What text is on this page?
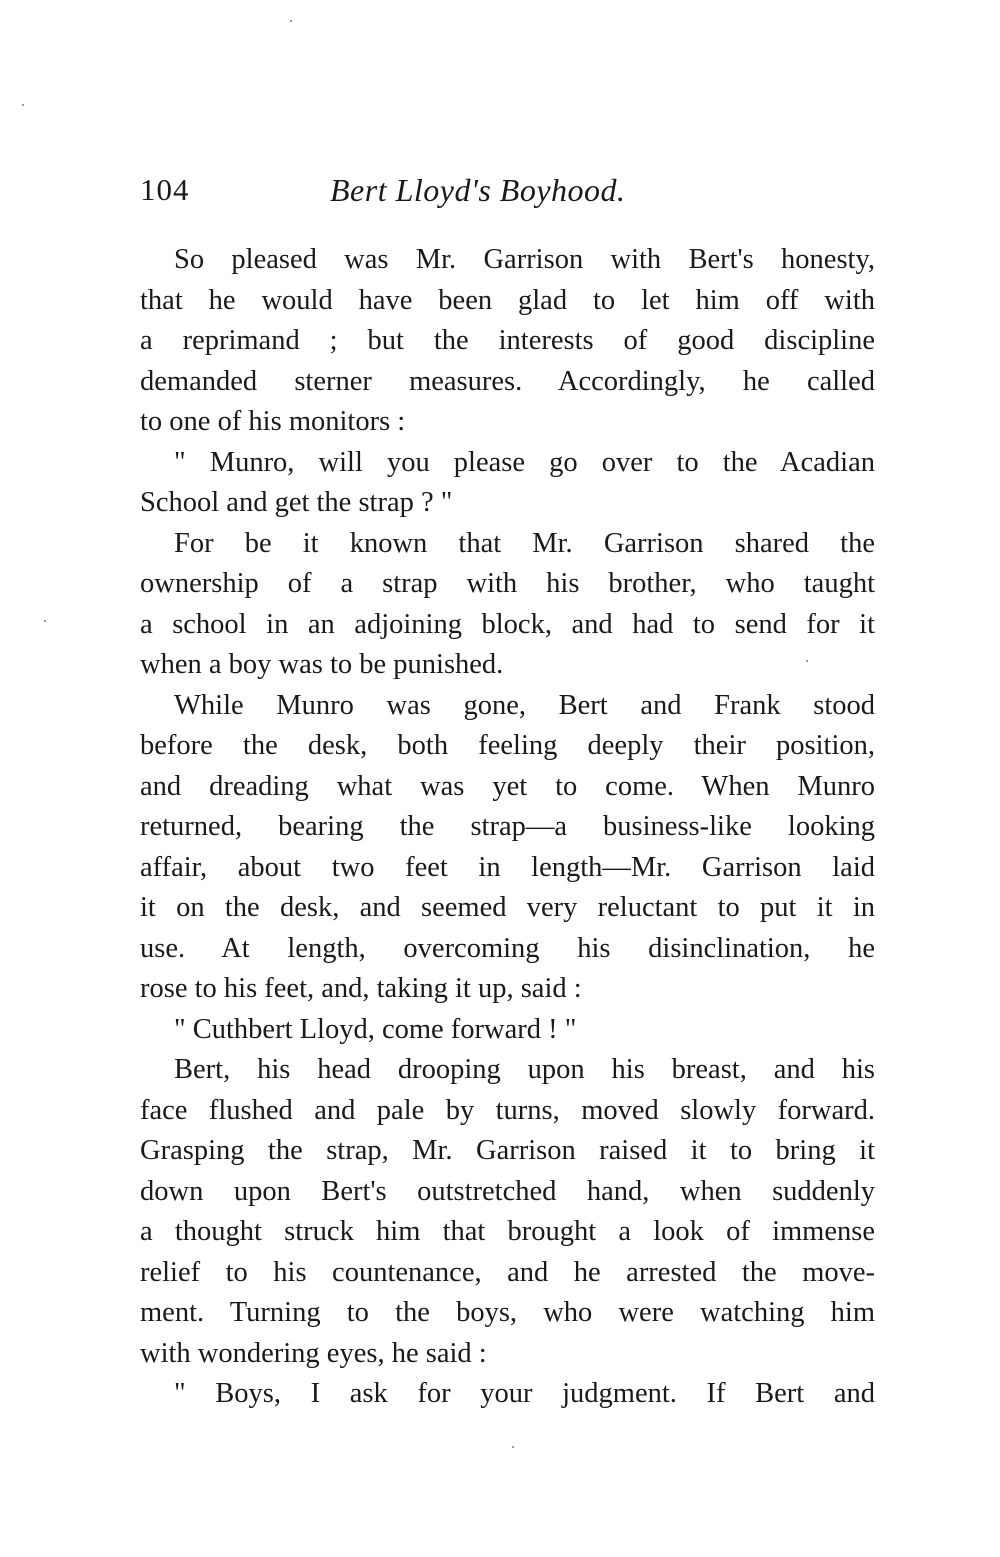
104	Bert Lloyd's Boyhood.
So pleased was Mr. Garrison with Bert's honesty,
that he would have been glad to let him off with
a reprimand ; but the interests of good discipline
demanded sterner measures. Accordingly, he called
to one of his monitors :
" Munro, will you please go over to the Acadian
School and get the strap ? "
For be it known that Mr. Garrison shared the
ownership of a strap with his brother, who taught
a school in an adjoining block, and had to send for it
when a boy was to be punished.
While Munro was gone, Bert and Frank stood
before the desk, both feeling deeply their position,
and dreading what was yet to come. When Munro
returned, bearing the strap—a business-like looking
affair, about two feet in length—Mr. Garrison laid
it on the desk, and seemed very reluctant to put it in
use. At length, overcoming his disinclination, he
rose to his feet, and, taking it up, said :
" Cuthbert Lloyd, come forward ! "
Bert, his head drooping upon his breast, and his
face flushed and pale by turns, moved slowly forward.
Grasping the strap, Mr. Garrison raised it to bring it
down upon Bert's outstretched hand, when suddenly
a thought struck him that brought a look of immense
relief to his countenance, and he arrested the move-
ment. Turning to the boys, who were watching him
with wondering eyes, he said :
" Boys, I ask for your judgment. If Bert and
